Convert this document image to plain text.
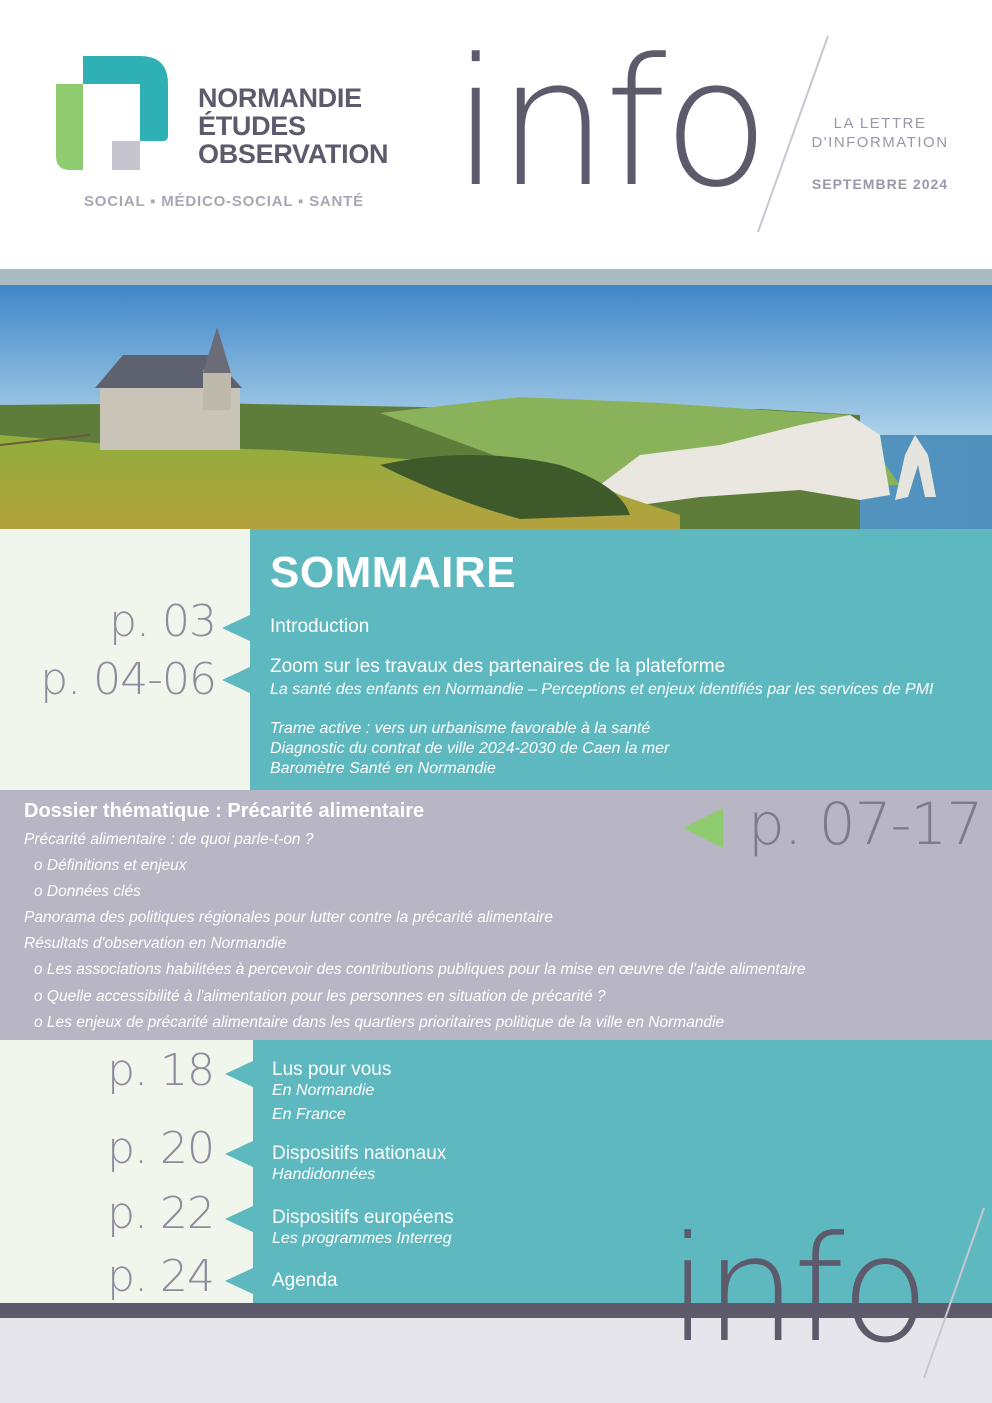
NORMANDIE
ÉTUDES
OBSERVATION
SOCIAL ▪ MÉDICO-SOCIAL ▪ SANTÉ info	LA LETTRE
D'INFORMATION
SEPTEMBRE 2024
SOMMAIRE
p. 03	Introduction
p. 04-06	Zoom sur les travaux des partenaires de la plateforme
La santé des enfants en Normandie – Perceptions et enjeux identifiés par les services de PMI
Trame active : vers un urbanisme favorable à la santé
Diagnostic du contrat de ville 2024-2030 de Caen la mer
Baromètre Santé en Normandie
Dossier thématique : Précarité alimentaire	p. 07-17
Précarité alimentaire : de quoi parle-t-on ?
o Définitions et enjeux
o Données clés
Panorama des politiques régionales pour lutter contre la précarité alimentaire
Résultats d'observation en Normandie
o Les associations habilitées à percevoir des contributions publiques pour la mise en œuvre de l'aide alimentaire
o Quelle accessibilité à l'alimentation pour les personnes en situation de précarité ?
o Les enjeux de précarité alimentaire dans les quartiers prioritaires politique de la ville en Normandie
p. 18	Lus pour vous
En Normandie
En France
p. 20	Dispositifs nationaux
Handidonnées
p. 22	Dispositifs européens
Les programmes Interreg
p. 24	Agenda info
